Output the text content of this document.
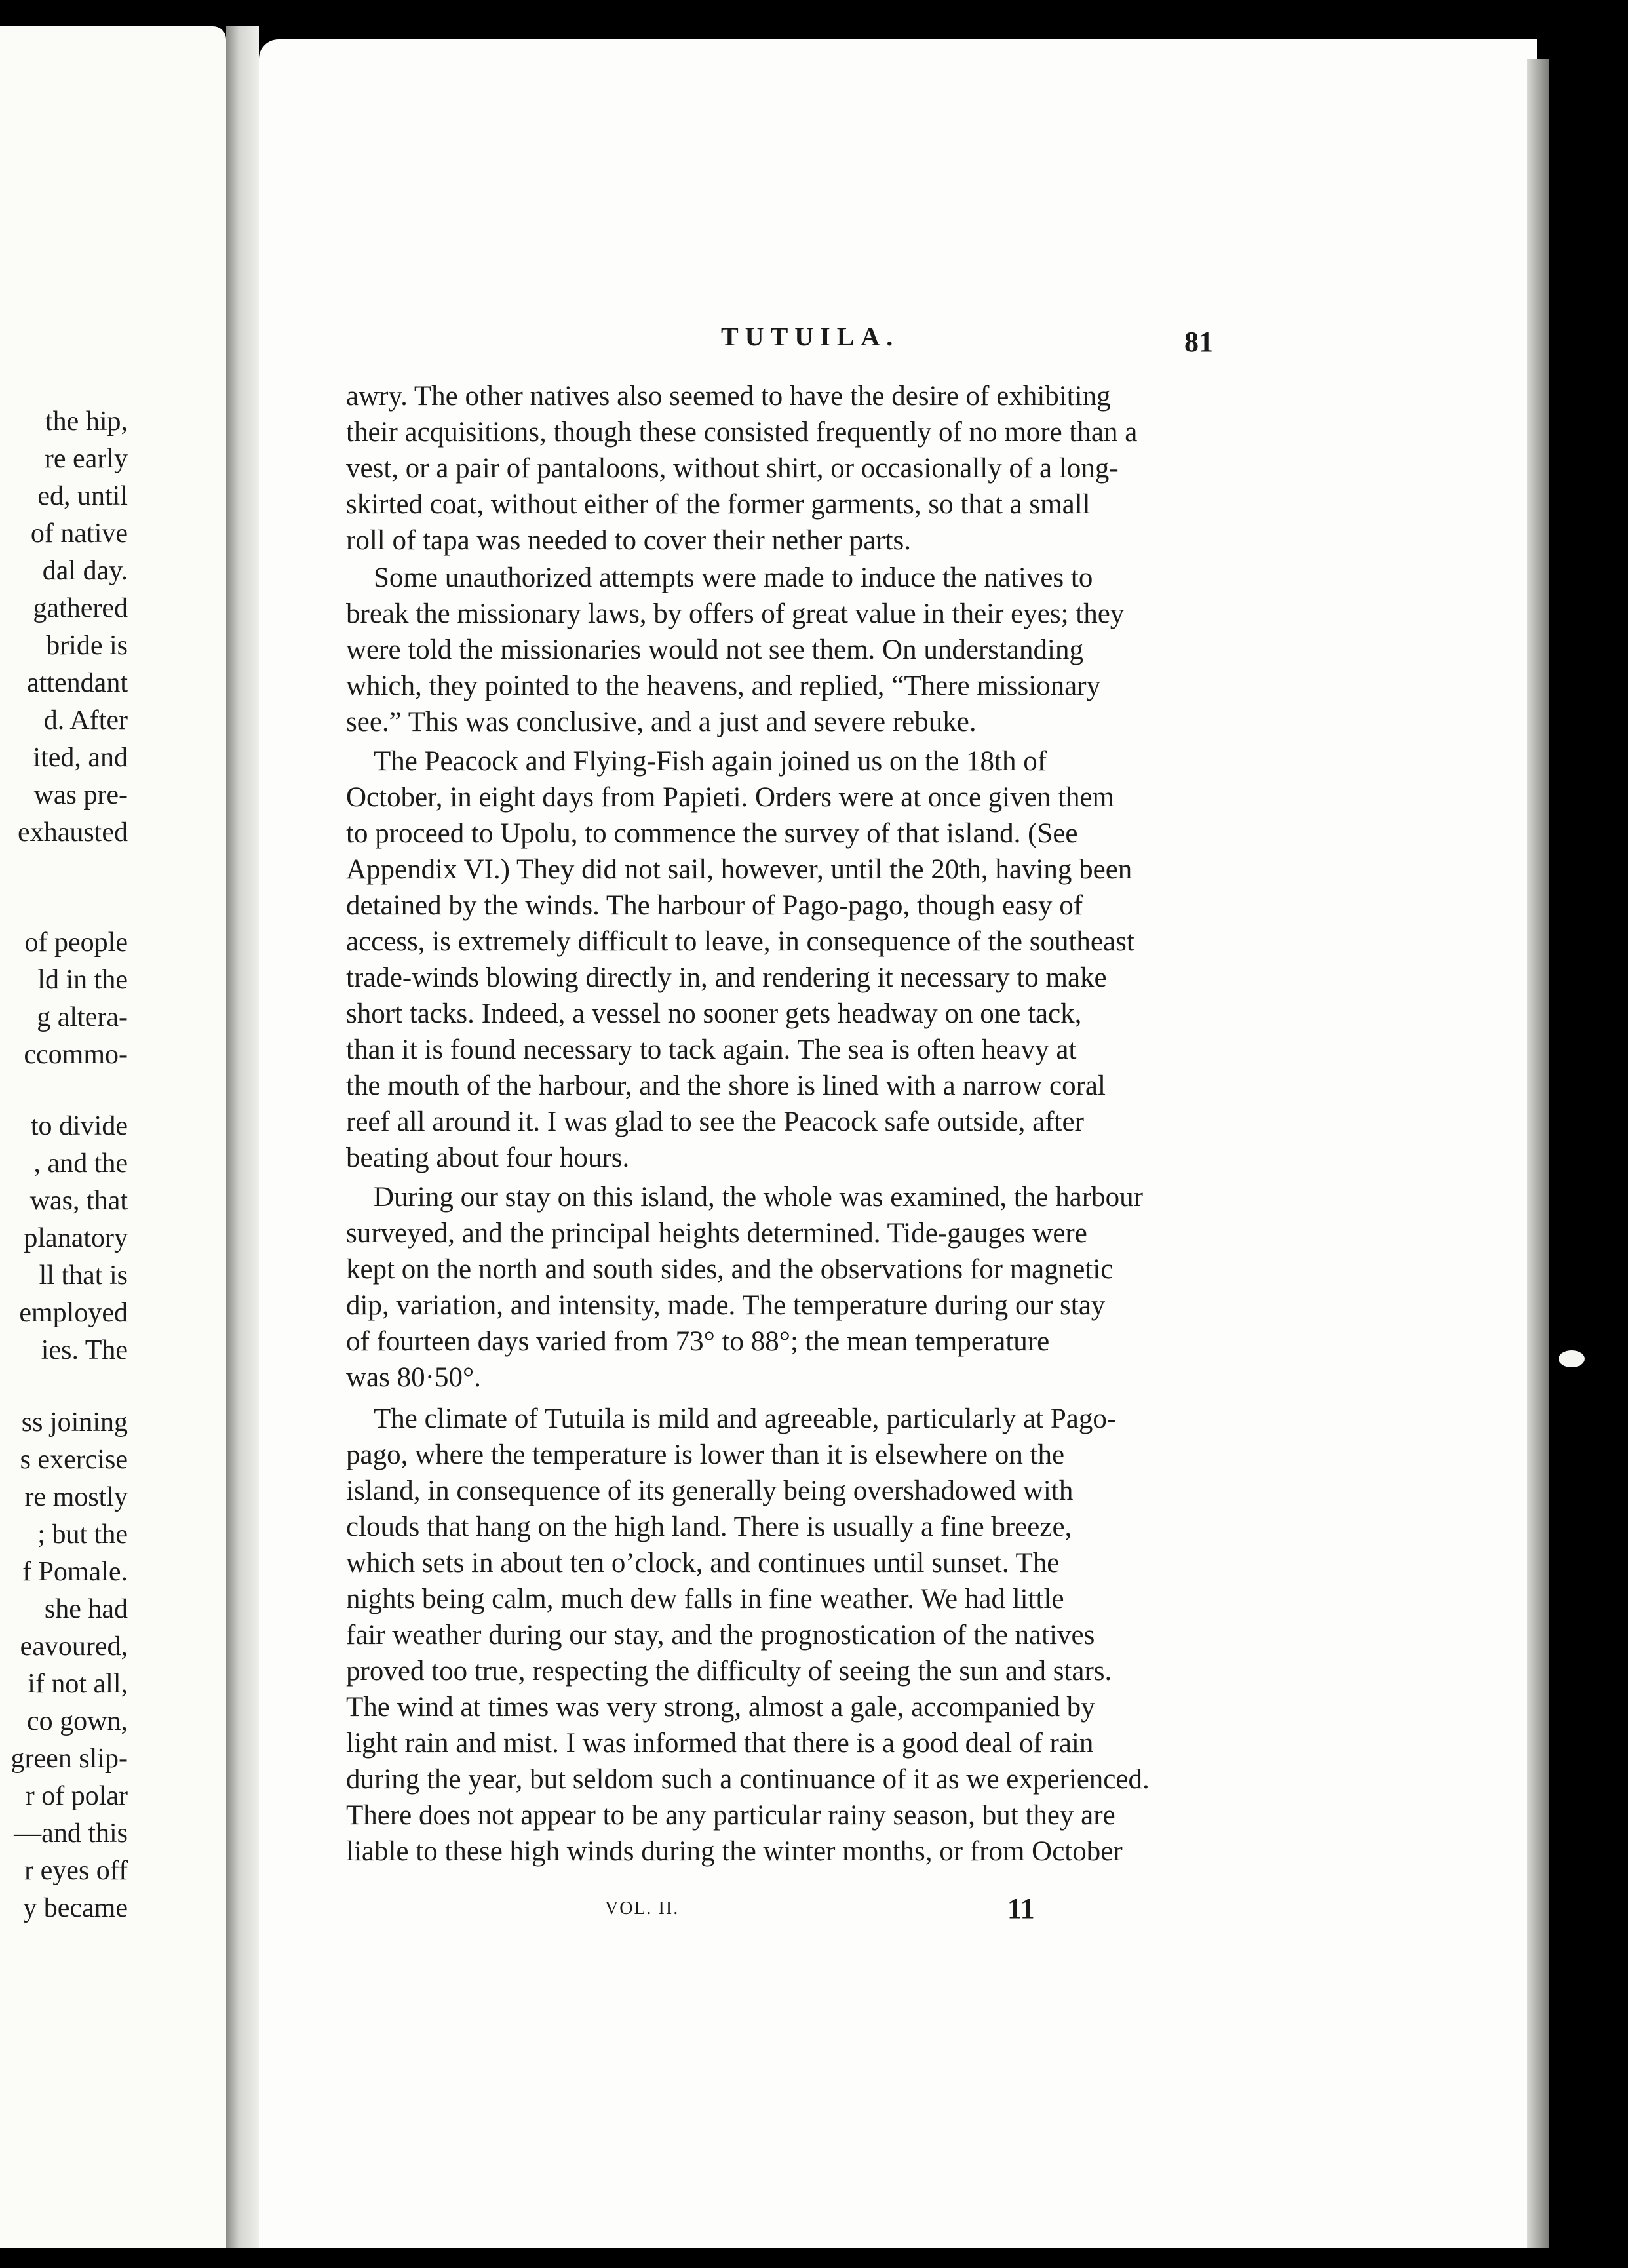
the hip,
re early
ed, until
of native
dal day.
gathered
bride is
attendant
d. After
ited, and
was pre-
exhausted
of people
ld in the
g altera-
ccommo-
to divide
, and the
was, that
planatory
ll that is
employed
ies. The
ss joining
s exercise
re mostly
; but the
f Pomale.
she had
eavoured,
if not all,
co gown,
green slip-
r of polar
—and this
r eyes off
y became
TUTUILA.	81
awry. The other natives also seemed to have the desire of exhibiting
their acquisitions, though these consisted frequently of no more than a
vest, or a pair of pantaloons, without shirt, or occasionally of a long-
skirted coat, without either of the former garments, so that a small
roll of tapa was needed to cover their nether parts.
Some unauthorized attempts were made to induce the natives to
break the missionary laws, by offers of great value in their eyes; they
were told the missionaries would not see them. On understanding
which, they pointed to the heavens, and replied, “There missionary
see.” This was conclusive, and a just and severe rebuke.
The Peacock and Flying-Fish again joined us on the 18th of
October, in eight days from Papieti. Orders were at once given them
to proceed to Upolu, to commence the survey of that island. (See
Appendix VI.) They did not sail, however, until the 20th, having been
detained by the winds. The harbour of Pago-pago, though easy of
access, is extremely difficult to leave, in consequence of the southeast
trade-winds blowing directly in, and rendering it necessary to make
short tacks. Indeed, a vessel no sooner gets headway on one tack,
than it is found necessary to tack again. The sea is often heavy at
the mouth of the harbour, and the shore is lined with a narrow coral
reef all around it. I was glad to see the Peacock safe outside, after
beating about four hours.
During our stay on this island, the whole was examined, the harbour
surveyed, and the principal heights determined. Tide-gauges were
kept on the north and south sides, and the observations for magnetic
dip, variation, and intensity, made. The temperature during our stay
of fourteen days varied from 73° to 88°; the mean temperature
was 80·50°.
The climate of Tutuila is mild and agreeable, particularly at Pago-
pago, where the temperature is lower than it is elsewhere on the
island, in consequence of its generally being overshadowed with
clouds that hang on the high land. There is usually a fine breeze,
which sets in about ten o’clock, and continues until sunset. The
nights being calm, much dew falls in fine weather. We had little
fair weather during our stay, and the prognostication of the natives
proved too true, respecting the difficulty of seeing the sun and stars.
The wind at times was very strong, almost a gale, accompanied by
light rain and mist. I was informed that there is a good deal of rain
during the year, but seldom such a continuance of it as we experienced.
There does not appear to be any particular rainy season, but they are
liable to these high winds during the winter months, or from October
VOL. II.	11
